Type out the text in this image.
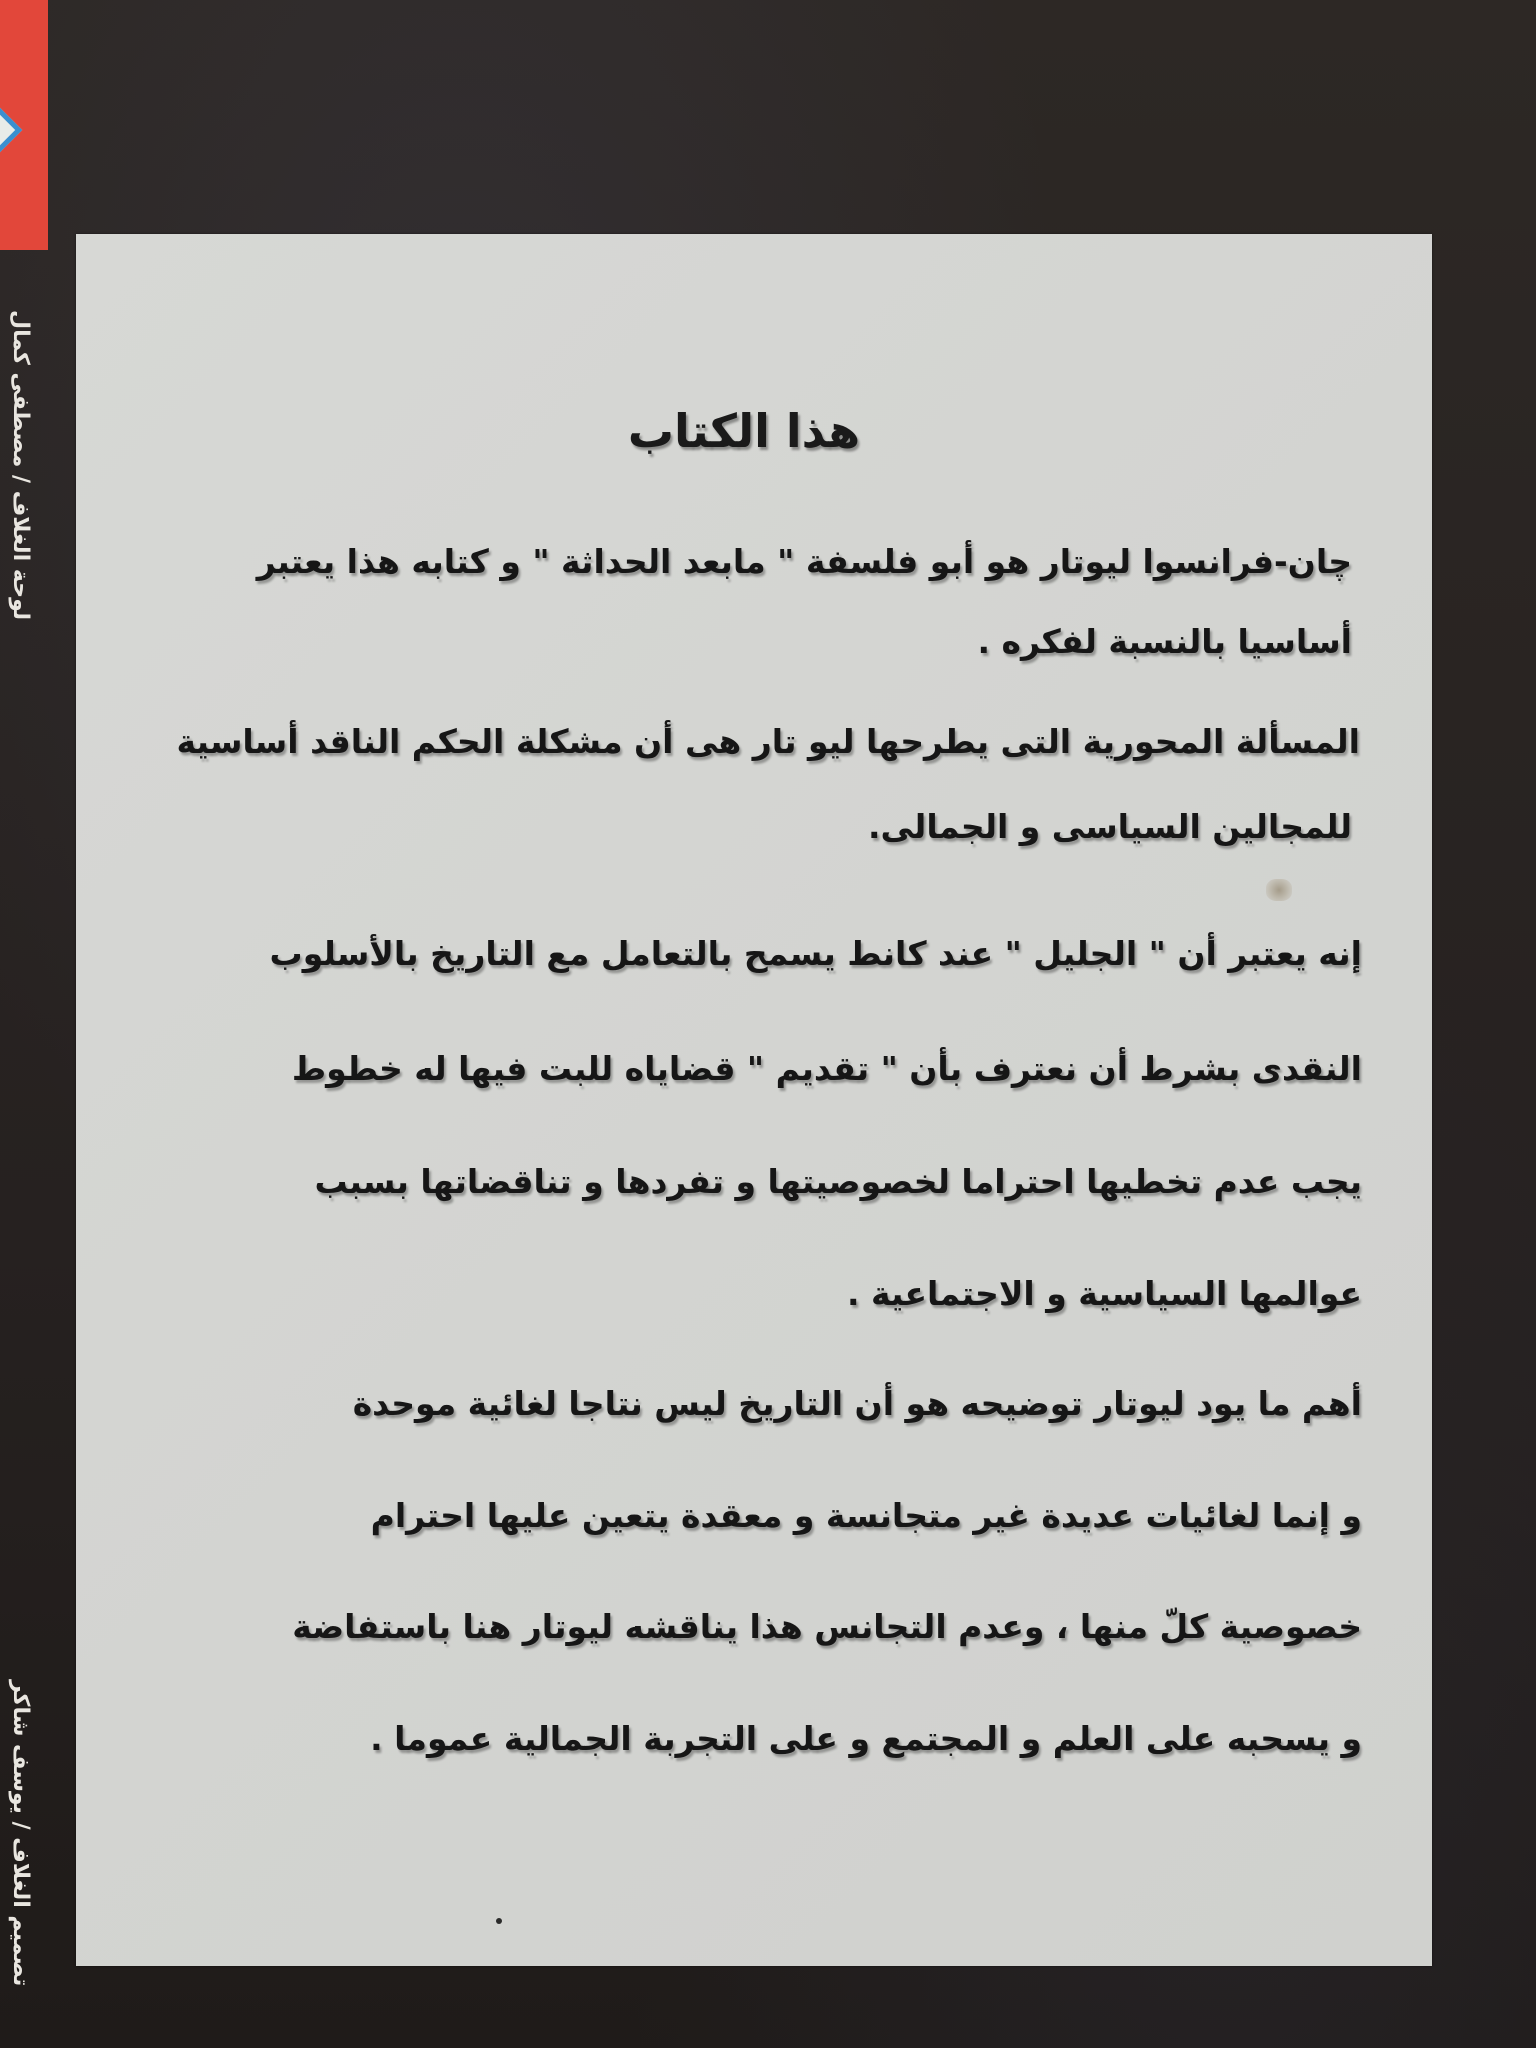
لوحة الغلاف / مصطفى كمال
تصميم الغلاف / يوسف شاكر
هذا الكتاب
چان-فرانسوا ليوتار هو أبو فلسفة " مابعد الحداثة " و كتابه هذا يعتبر
أساسيا بالنسبة لفكره .
المسألة المحورية التى يطرحها ليو تار هى أن مشكلة الحكم الناقد أساسية
للمجالين السياسى و الجمالى.
إنه يعتبر أن " الجليل " عند كانط يسمح بالتعامل مع التاريخ بالأسلوب
النقدى بشرط أن نعترف بأن " تقديم " قضاياه للبت فيها له خطوط
يجب عدم تخطيها احتراما لخصوصيتها و تفردها و تناقضاتها بسبب
عوالمها السياسية و الاجتماعية .
أهم ما يود ليوتار توضيحه هو أن التاريخ ليس نتاجا لغائية موحدة
و إنما لغائيات عديدة غير متجانسة و معقدة يتعين عليها احترام
خصوصية كلّ منها ، وعدم التجانس هذا يناقشه ليوتار هنا باستفاضة
و يسحبه على العلم و المجتمع و على التجربة الجمالية عموما .
